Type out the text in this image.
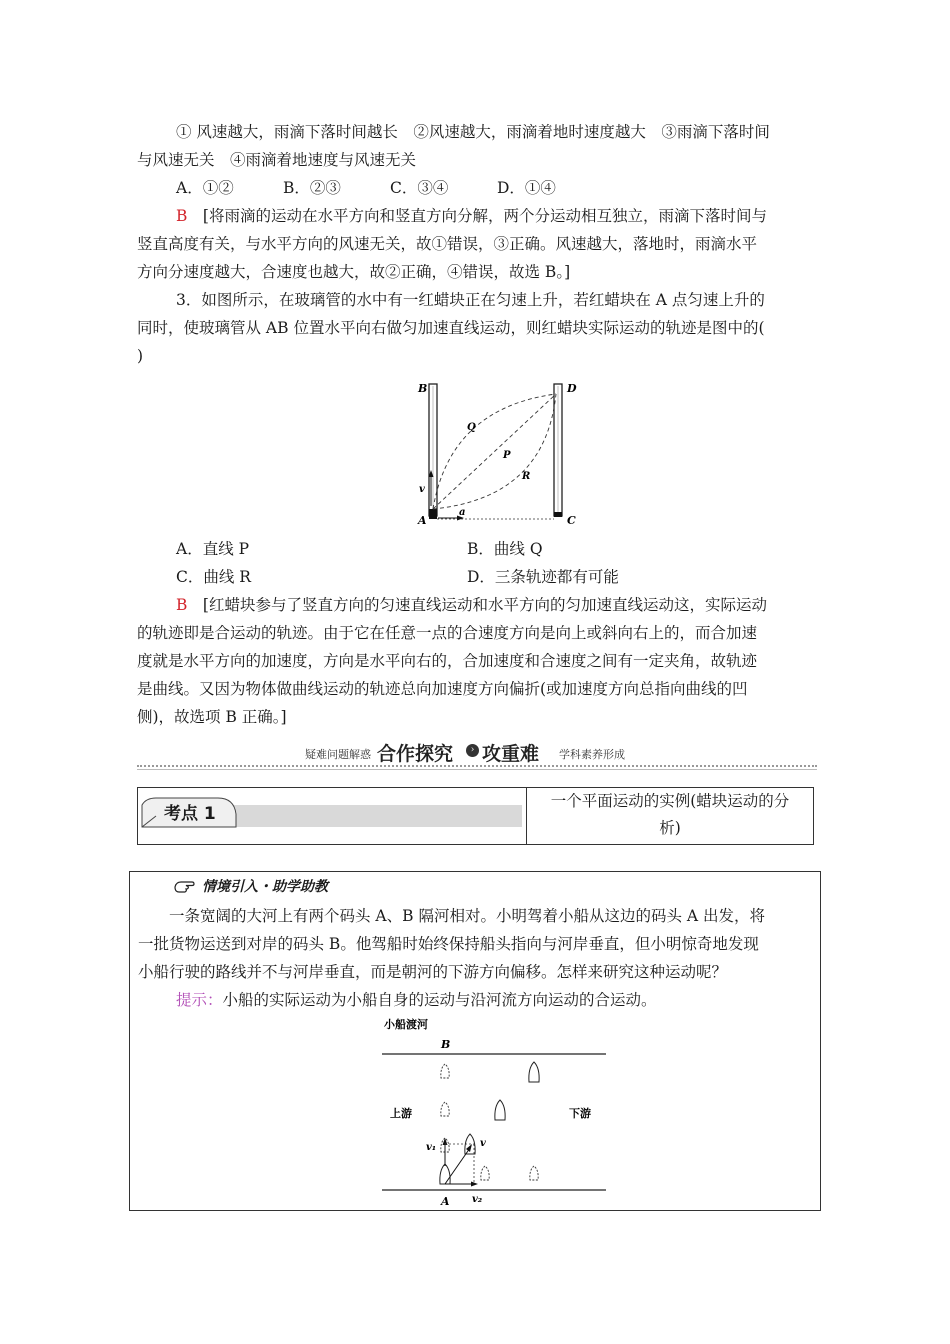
① 风速越大，雨滴下落时间越长　②风速越大，雨滴着地时速度越大　③雨滴下落时间
与风速无关　④雨滴着地速度与风速无关
A．①②	B．②③	C．③④	D．①④
B　[将雨滴的运动在水平方向和竖直方向分解，两个分运动相互独立，雨滴下落时间与
竖直高度有关，与水平方向的风速无关，故①错误，③正确。风速越大，落地时，雨滴水平
方向分速度越大，合速度也越大，故②正确，④错误，故选 B。]
3．如图所示，在玻璃管的水中有一红蜡块正在匀速上升，若红蜡块在 A 点匀速上升的
同时，使玻璃管从 AB 位置水平向右做匀加速直线运动，则红蜡块实际运动的轨迹是图中的(
)
B	D
A	C
Q
P
R
v
a
A．直线 P	B．曲线 Q
C．曲线 R	D．三条轨迹都有可能
B　[红蜡块参与了竖直方向的匀速直线运动和水平方向的匀加速直线运动这，实际运动
的轨迹即是合运动的轨迹。由于它在任意一点的合速度方向是向上或斜向右上的，而合加速
度就是水平方向的加速度，方向是水平向右的，合加速度和合速度之间有一定夹角，故轨迹
是曲线。又因为物体做曲线运动的轨迹总向加速度方向偏折(或加速度方向总指向曲线的凹
侧)，故选项 B 正确。]
疑难问题解惑 合作探究	› 攻重难 学科素养形成
考点 1
一个平面运动的实例(蜡块运动的分
析)
情境引入・助学助教
　　一条宽阔的大河上有两个码头 A、B 隔河相对。小明驾着小船从这边的码头 A 出发，将
一批货物运送到对岸的码头 B。他驾船时始终保持船头指向与河岸垂直，但小明惊奇地发现
小船行驶的路线并不与河岸垂直，而是朝河的下游方向偏移。怎样来研究这种运动呢？
提示：小船的实际运动为小船自身的运动与沿河流方向运动的合运动。
小船渡河
B
A
上游	下游
v₁	v
v₂
